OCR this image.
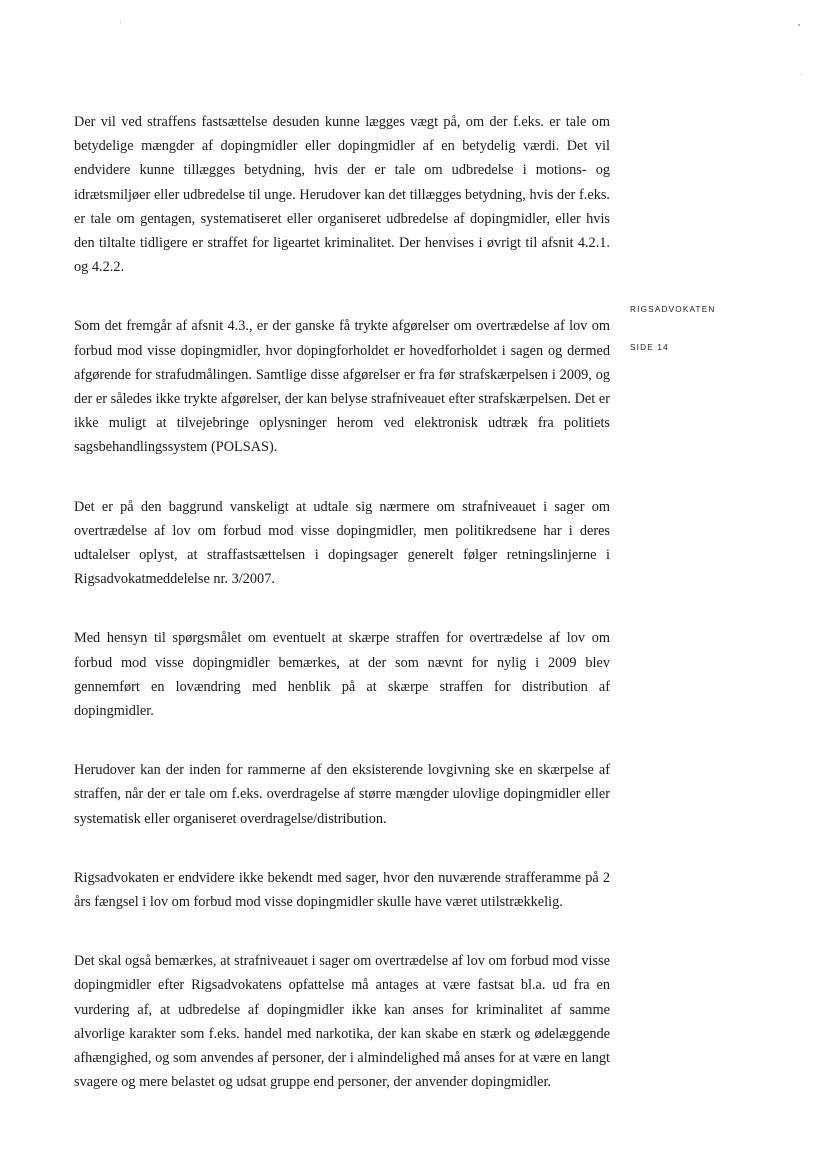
Der vil ved straffens fastsættelse desuden kunne lægges vægt på, om der f.eks. er tale om betydelige mængder af dopingmidler eller dopingmidler af en betydelig værdi. Det vil endvidere kunne tillægges betydning, hvis der er tale om udbredelse i motions- og idrætsmiljøer eller udbredelse til unge. Herudover kan det tillægges betydning, hvis der f.eks. er tale om gentagen, systematiseret eller organiseret udbredelse af dopingmidler, eller hvis den tiltalte tidligere er straffet for ligeartet kriminalitet. Der henvises i øvrigt til afsnit 4.2.1. og 4.2.2.

Som det fremgår af afsnit 4.3., er der ganske få trykte afgørelser om overtrædelse af lov om forbud mod visse dopingmidler, hvor dopingforholdet er hovedforholdet i sagen og dermed afgørende for strafudmålingen. Samtlige disse afgørelser er fra før strafskærpelsen i 2009, og der er således ikke trykte afgørelser, der kan belyse strafniveauet efter strafskærpelsen. Det er ikke muligt at tilvejebringe oplysninger herom ved elektronisk udtræk fra politiets sagsbehandlingssystem (POLSAS).

Det er på den baggrund vanskeligt at udtale sig nærmere om strafniveauet i sager om overtrædelse af lov om forbud mod visse dopingmidler, men politikredsene har i deres udtalelser oplyst, at straffastsættelsen i dopingsager generelt følger retningslinjerne i Rigsadvokatmeddelelse nr. 3/2007.

Med hensyn til spørgsmålet om eventuelt at skærpe straffen for overtrædelse af lov om forbud mod visse dopingmidler bemærkes, at der som nævnt for nylig i 2009 blev gennemført en lovændring med henblik på at skærpe straffen for distribution af dopingmidler.

Herudover kan der inden for rammerne af den eksisterende lovgivning ske en skærpelse af straffen, når der er tale om f.eks. overdragelse af større mængder ulovlige dopingmidler eller systematisk eller organiseret overdragelse/distribution.

Rigsadvokaten er endvidere ikke bekendt med sager, hvor den nuværende strafferamme på 2 års fængsel i lov om forbud mod visse dopingmidler skulle have været utilstrækkelig.

Det skal også bemærkes, at strafniveauet i sager om overtrædelse af lov om forbud mod visse dopingmidler efter Rigsadvokatens opfattelse må antages at være fastsat bl.a. ud fra en vurdering af, at udbredelse af dopingmidler ikke kan anses for kriminalitet af samme alvorlige karakter som f.eks. handel med narkotika, der kan skabe en stærk og ødelæggende afhængighed, og som anvendes af personer, der i almindelighed må anses for at være en langt svagere og mere belastet og udsat gruppe end personer, der anvender dopingmidler.

RIGSADVOKATEN
SIDE 14
